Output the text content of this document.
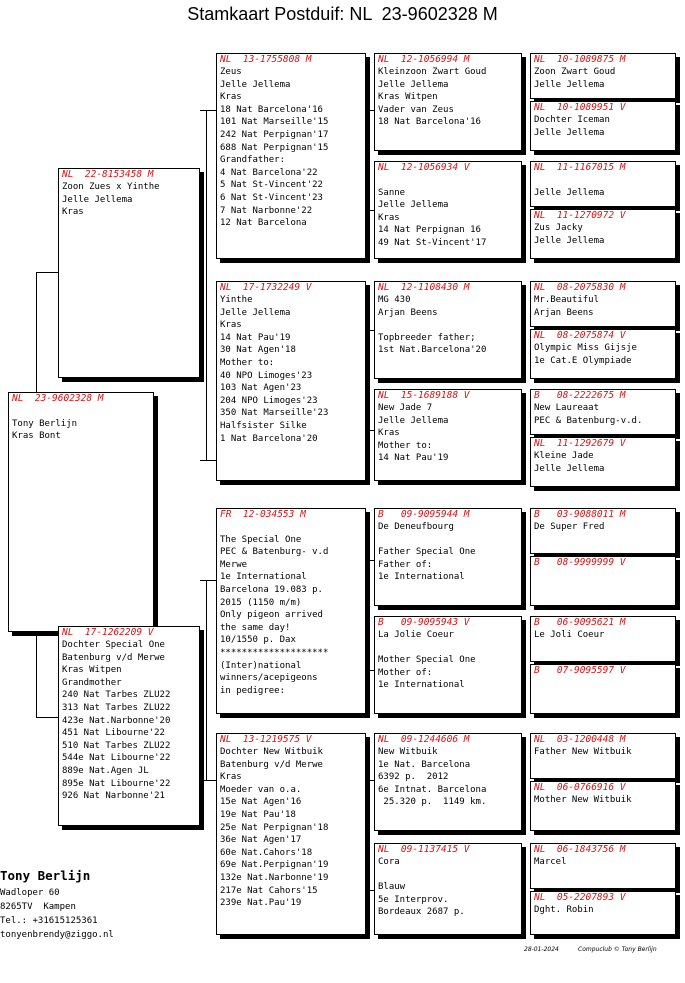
Stamkaart Postduif: NL  23-9602328 M
NL  23-9602328 M
Tony Berlijn
Kras Bont
NL  22-8153458 M
Zoon Zues x Yinthe
Jelle Jellema
Kras
NL  17-1262209 V
Dochter Special One
Batenburg v/d Merwe
Kras Witpen
Grandmother
240 Nat Tarbes ZLU22
313 Nat Tarbes ZLU22
423e Nat.Narbonne'20
451 Nat Libourne'22
510 Nat Tarbes ZLU22
544e Nat Libourne'22
889e Nat.Agen JL
895e Nat Libourne'22
926 Nat Narbonne'21
NL  13-1755808 M
Zeus
Jelle Jellema
Kras
18 Nat Barcelona'16
101 Nat Marseille'15
242 Nat Perpignan'17
688 Nat Perpignan'15
Grandfather:
4 Nat Barcelona'22
5 Nat St-Vincent'22
6 Nat St-Vincent'23
7 Nat Narbonne'22
12 Nat Barcelona
NL  17-1732249 V
Yinthe
Jelle Jellema
Kras
14 Nat Pau'19
30 Nat Agen'18
Mother to:
40 NPO Limoges'23
103 Nat Agen'23
204 NPO Limoges'23
350 Nat Marseille'23
Halfsister Silke
1 Nat Barcelona'20
FR  12-034553 M
The Special One
PEC & Batenburg- v.d
Merwe
1e International
Barcelona 19.083 p.
2015 (1150 m/m)
Only pigeon arrived
the same day!
10/1550 p. Dax
********************
(Inter)national
winners/acepigeons
in pedigree:
NL  13-1219575 V
Dochter New Witbuik
Batenburg v/d Merwe
Kras
Moeder van o.a.
15e Nat Agen'16
19e Nat Pau'18
25e Nat Perpignan'18
36e Nat Agen'17
60e Nat.Cahors'18
69e Nat.Perpignan'19
132e Nat.Narbonne'19
217e Nat Cahors'15
239e Nat.Pau'19
NL  12-1056994 M
Kleinzoon Zwart Goud
Jelle Jellema
Kras Witpen
Vader van Zeus
18 Nat Barcelona'16
NL  12-1056934 V
Sanne
Jelle Jellema
Kras
14 Nat Perpignan 16
49 Nat St-Vincent'17
NL  12-1108430 M
MG 430
Arjan Beens
Topbreeder father;
1st Nat.Barcelona'20
NL  15-1689188 V
New Jade 7
Jelle Jellema
Kras
Mother to:
14 Nat Pau'19
B   09-9095944 M
De Deneufbourg
Father Special One
Father of:
1e International
B   09-9095943 V
La Jolie Coeur
Mother Special One
Mother of:
1e International
NL  09-1244606 M
New Witbuik
1e Nat. Barcelona
6392 p.  2012
6e Intnat. Barcelona
25.320 p.  1149 km.
NL  09-1137415 V
Cora
Blauw
5e Interprov.
Bordeaux 2687 p.
NL  10-1089875 M
Zoon Zwart Goud
Jelle Jellema
NL  10-1089951 V
Dochter Iceman
Jelle Jellema
NL  11-1167015 M
Jelle Jellema
NL  11-1270972 V
Zus Jacky
Jelle Jellema
NL  08-2075830 M
Mr.Beautiful
Arjan Beens
NL  08-2075874 V
Olympic Miss Gijsje
1e Cat.E Olympiade
B   08-2222675 M
New Laureaat
PEC & Batenburg-v.d.
NL  11-1292679 V
Kleine Jade
Jelle Jellema
B   03-9088011 M
De Super Fred
B   08-9999999 V
B   06-9095621 M
Le Joli Coeur
B   07-9095597 V
NL  03-1200448 M
Father New Witbuik
NL  06-0766916 V
Mother New Witbuik
NL  06-1843756 M
Marcel
NL  05-2207893 V
Dght. Robin
Tony Berlijn
Wadloper 60
8265TV  Kampen
Tel.: +31615125361
tonyenbrendy@ziggo.nl
28-01-2024	Compuclub © Tony Berlijn
